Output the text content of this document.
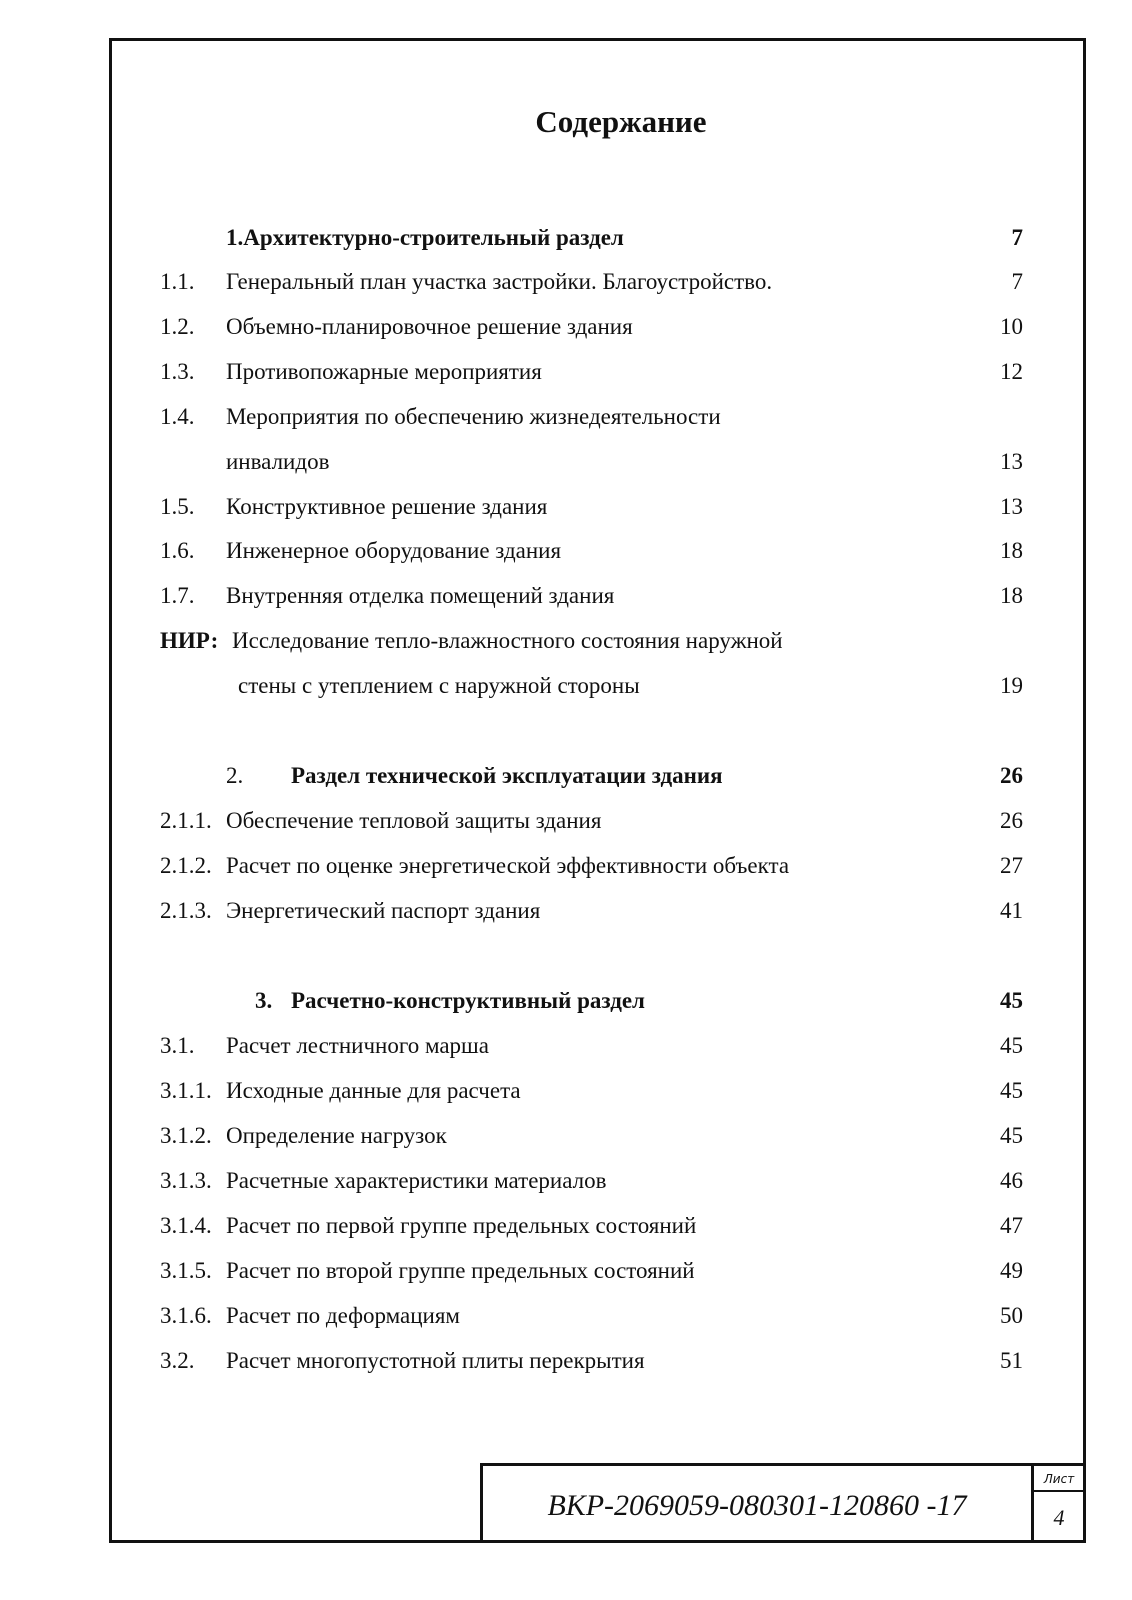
Содержание
1.Архитектурно-строительный раздел	7
1.1. Генеральный план участка застройки. Благоустройство.	7
1.2. Объемно-планировочное решение здания	10
1.3. Противопожарные мероприятия	12
1.4. Мероприятия по обеспечению жизнедеятельности
инвалидов	13
1.5. Конструктивное решение здания	13
1.6. Инженерное оборудование здания	18
1.7. Внутренняя отделка помещений здания	18
НИР: Исследование тепло-влажностного состояния наружной
стены с утеплением с наружной стороны	19
2. Раздел технической эксплуатации здания	26
2.1.1. Обеспечение тепловой защиты здания	26
2.1.2. Расчет по оценке энергетической эффективности объекта	27
2.1.3. Энергетический паспорт здания	41
3. Расчетно-конструктивный раздел	45
3.1. Расчет лестничного марша	45
3.1.1. Исходные данные для расчета	45
3.1.2. Определение нагрузок	45
3.1.3. Расчетные характеристики материалов	46
3.1.4. Расчет по первой группе предельных состояний	47
3.1.5. Расчет по второй группе предельных состояний	49
3.1.6. Расчет по деформациям	50
3.2. Расчет многопустотной плиты перекрытия	51
ВКР-2069059-080301-120860 -17
Лист
4
